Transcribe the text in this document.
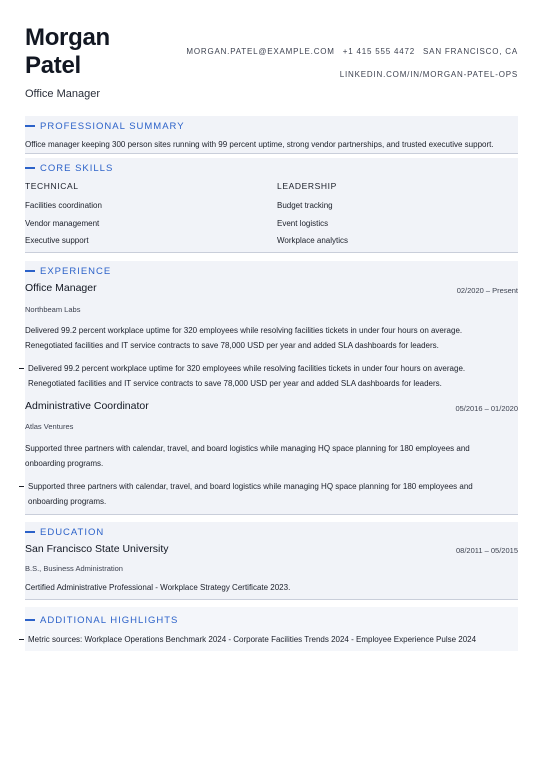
Morgan
Patel
Office Manager
MORGAN.PATEL@EXAMPLE.COM +1 415 555 4472 SAN FRANCISCO, CA
LINKEDIN.COM/IN/MORGAN-PATEL-OPS
PROFESSIONAL SUMMARY
Office manager keeping 300 person sites running with 99 percent uptime, strong vendor partnerships, and trusted executive support.
CORE SKILLS
TECHNICAL
Facilities coordination
Vendor management
Executive support
LEADERSHIP
Budget tracking
Event logistics
Workplace analytics
EXPERIENCE
Office Manager	02/2020 – Present
Northbeam Labs
Delivered 99.2 percent workplace uptime for 320 employees while resolving facilities tickets in under four hours on average. Renegotiated facilities and IT service contracts to save 78,000 USD per year and added SLA dashboards for leaders.
Delivered 99.2 percent workplace uptime for 320 employees while resolving facilities tickets in under four hours on average. Renegotiated facilities and IT service contracts to save 78,000 USD per year and added SLA dashboards for leaders.
Administrative Coordinator	05/2016 – 01/2020
Atlas Ventures
Supported three partners with calendar, travel, and board logistics while managing HQ space planning for 180 employees and onboarding programs.
Supported three partners with calendar, travel, and board logistics while managing HQ space planning for 180 employees and onboarding programs.
EDUCATION
San Francisco State University	08/2011 – 05/2015
B.S., Business Administration
Certified Administrative Professional - Workplace Strategy Certificate 2023.
ADDITIONAL HIGHLIGHTS
Metric sources: Workplace Operations Benchmark 2024 - Corporate Facilities Trends 2024 - Employee Experience Pulse 2024
